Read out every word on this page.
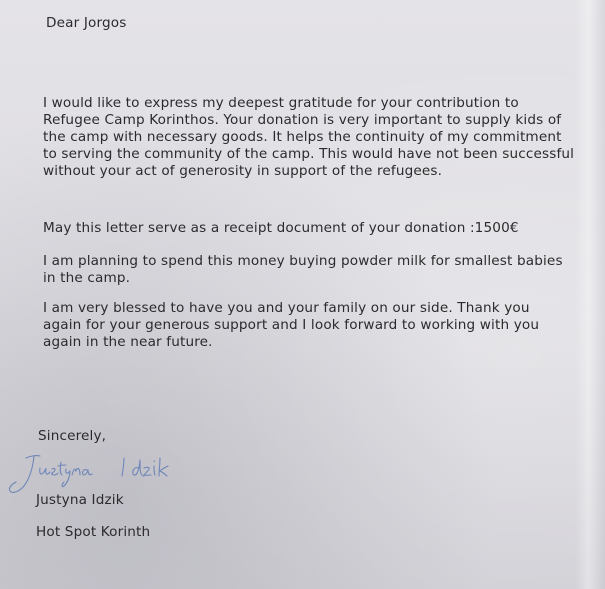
Dear Jorgos

I would like to express my deepest gratitude for your contribution to

Refugee Camp Korinthos. Your donation is very important to supply kids of

the camp with necessary goods. It helps the continuity of my commitment

to serving the community of the camp. This would have not been successful

without your act of generosity in support of the refugees.

May this letter serve as a receipt document of your donation :1500€

I am planning to spend this money buying powder milk for smallest babies

in the camp.

I am very blessed to have you and your family on our side. Thank you

again for your generous support and I look forward to working with you

again in the near future.

Sincerely,

Justyna Idzik

Hot Spot Korinth
